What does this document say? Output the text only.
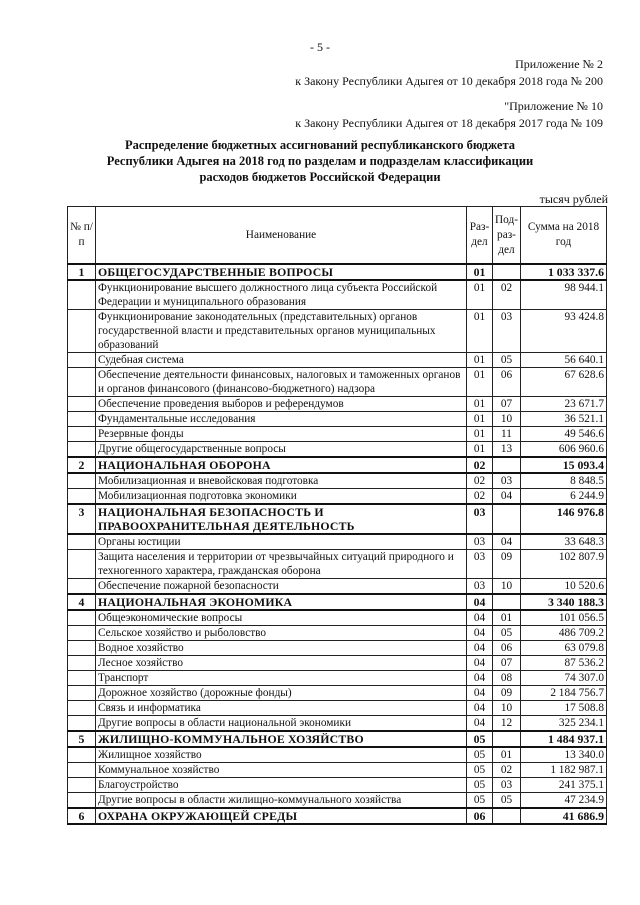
- 5 -
Приложение № 2
к Закону Республики Адыгея от 10 декабря 2018 года № 200
"Приложение № 10
к Закону Республики Адыгея от 18 декабря 2017 года № 109
Распределение бюджетных ассигнований республиканского бюджета
Республики Адыгея на 2018 год по разделам и подразделам классификации
расходов бюджетов Российской Федерации
тысяч рублей
№ п/п	Наименование	Раз-дел	Под-раз-дел	Сумма на 2018 год
1	ОБЩЕГОСУДАРСТВЕННЫЕ ВОПРОСЫ	01		1 033 337.6
	Функционирование высшего должностного лица субъекта Российской Федерации и муниципального образования	01	02	98 944.1
	Функционирование законодательных (представительных) органов государственной власти и представительных органов муниципальных образований	01	03	93 424.8
	Судебная система	01	05	56 640.1
	Обеспечение деятельности финансовых, налоговых и таможенных органов и органов финансового (финансово-бюджетного) надзора	01	06	67 628.6
	Обеспечение проведения выборов и референдумов	01	07	23 671.7
	Фундаментальные исследования	01	10	36 521.1
	Резервные фонды	01	11	49 546.6
	Другие общегосударственные вопросы	01	13	606 960.6
2	НАЦИОНАЛЬНАЯ ОБОРОНА	02		15 093.4
	Мобилизационная и вневойсковая подготовка	02	03	8 848.5
	Мобилизационная подготовка экономики	02	04	6 244.9
3	НАЦИОНАЛЬНАЯ БЕЗОПАСНОСТЬ И ПРАВООХРАНИТЕЛЬНАЯ ДЕЯТЕЛЬНОСТЬ	03		146 976.8
	Органы юстиции	03	04	33 648.3
	Защита населения и территории от чрезвычайных ситуаций природного и техногенного характера, гражданская оборона	03	09	102 807.9
	Обеспечение пожарной безопасности	03	10	10 520.6
4	НАЦИОНАЛЬНАЯ ЭКОНОМИКА	04		3 340 188.3
	Общеэкономические вопросы	04	01	101 056.5
	Сельское хозяйство и рыболовство	04	05	486 709.2
	Водное хозяйство	04	06	63 079.8
	Лесное хозяйство	04	07	87 536.2
	Транспорт	04	08	74 307.0
	Дорожное хозяйство (дорожные фонды)	04	09	2 184 756.7
	Связь и информатика	04	10	17 508.8
	Другие вопросы в области национальной экономики	04	12	325 234.1
5	ЖИЛИЩНО-КОММУНАЛЬНОЕ ХОЗЯЙСТВО	05		1 484 937.1
	Жилищное хозяйство	05	01	13 340.0
	Коммунальное хозяйство	05	02	1 182 987.1
	Благоустройство	05	03	241 375.1
	Другие вопросы в области жилищно-коммунального хозяйства	05	05	47 234.9
6	ОХРАНА ОКРУЖАЮЩЕЙ СРЕДЫ	06		41 686.9
